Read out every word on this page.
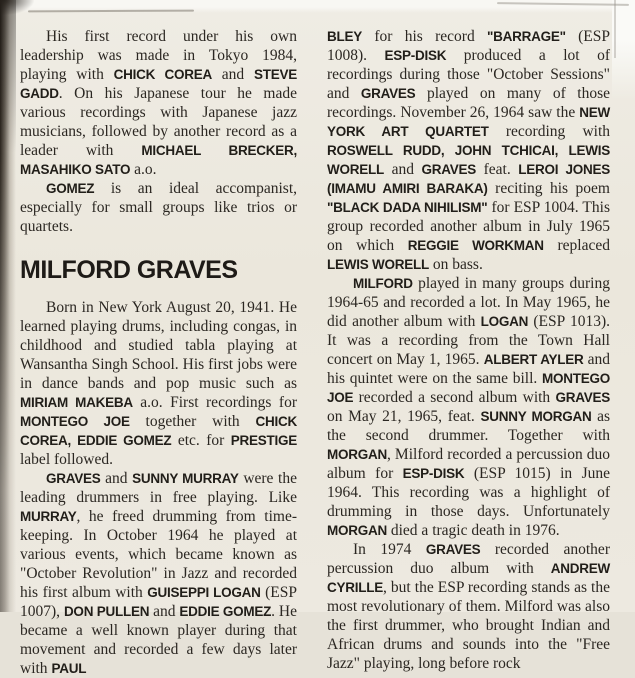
His first record under his own leadership was made in Tokyo 1984, playing with CHICK COREA and STEVE GADD. On his Japanese tour he made various recordings with Japanese jazz musicians, followed by another record as a leader with MICHAEL BRECKER, MASAHIKO SATO a.o.

GOMEZ is an ideal accompanist, especially for small groups like trios or quartets.

MILFORD GRAVES

Born in New York August 20, 1941. He learned playing drums, including congas, in childhood and studied tabla playing at Wansantha Singh School. His first jobs were in dance bands and pop music such as MIRIAM MAKEBA a.o. First recordings for MONTEGO JOE together with CHICK COREA, EDDIE GOMEZ etc. for PRESTIGE label followed.

GRAVES and SUNNY MURRAY were the leading drummers in free playing. Like MURRAY, he freed drumming from time-keeping. In October 1964 he played at various events, which became known as "October Revolution" in Jazz and recorded his first album with GUISEPPI LOGAN (ESP 1007), DON PULLEN and EDDIE GOMEZ. He became a well known player during that movement and recorded a few days later with PAUL

BLEY for his record "BARRAGE" (ESP 1008). ESP-DISK produced a lot of recordings during those "October Sessions" and GRAVES played on many of those recordings. November 26, 1964 saw the NEW YORK ART QUARTET recording with ROSWELL RUDD, JOHN TCHICAI, LEWIS WORELL and GRAVES feat. LEROI JONES (IMAMU AMIRI BARAKA) reciting his poem "BLACK DADA NIHILISM" for ESP 1004. This group recorded another album in July 1965 on which REGGIE WORKMAN replaced LEWIS WORELL on bass.

MILFORD played in many groups during 1964-65 and recorded a lot. In May 1965, he did another album with LOGAN (ESP 1013). It was a recording from the Town Hall concert on May 1, 1965. ALBERT AYLER and his quintet were on the same bill. MONTEGO JOE recorded a second album with GRAVES on May 21, 1965, feat. SUNNY MORGAN as the second drummer. Together with MORGAN, Milford recorded a percussion duo album for ESP-DISK (ESP 1015) in June 1964. This recording was a highlight of drumming in those days. Unfortunately MORGAN died a tragic death in 1976.

In 1974 GRAVES recorded another percussion duo album with ANDREW CYRILLE, but the ESP recording stands as the most revolutionary of them. Milford was also the first drummer, who brought Indian and African drums and sounds into the "Free Jazz" playing, long before rock
